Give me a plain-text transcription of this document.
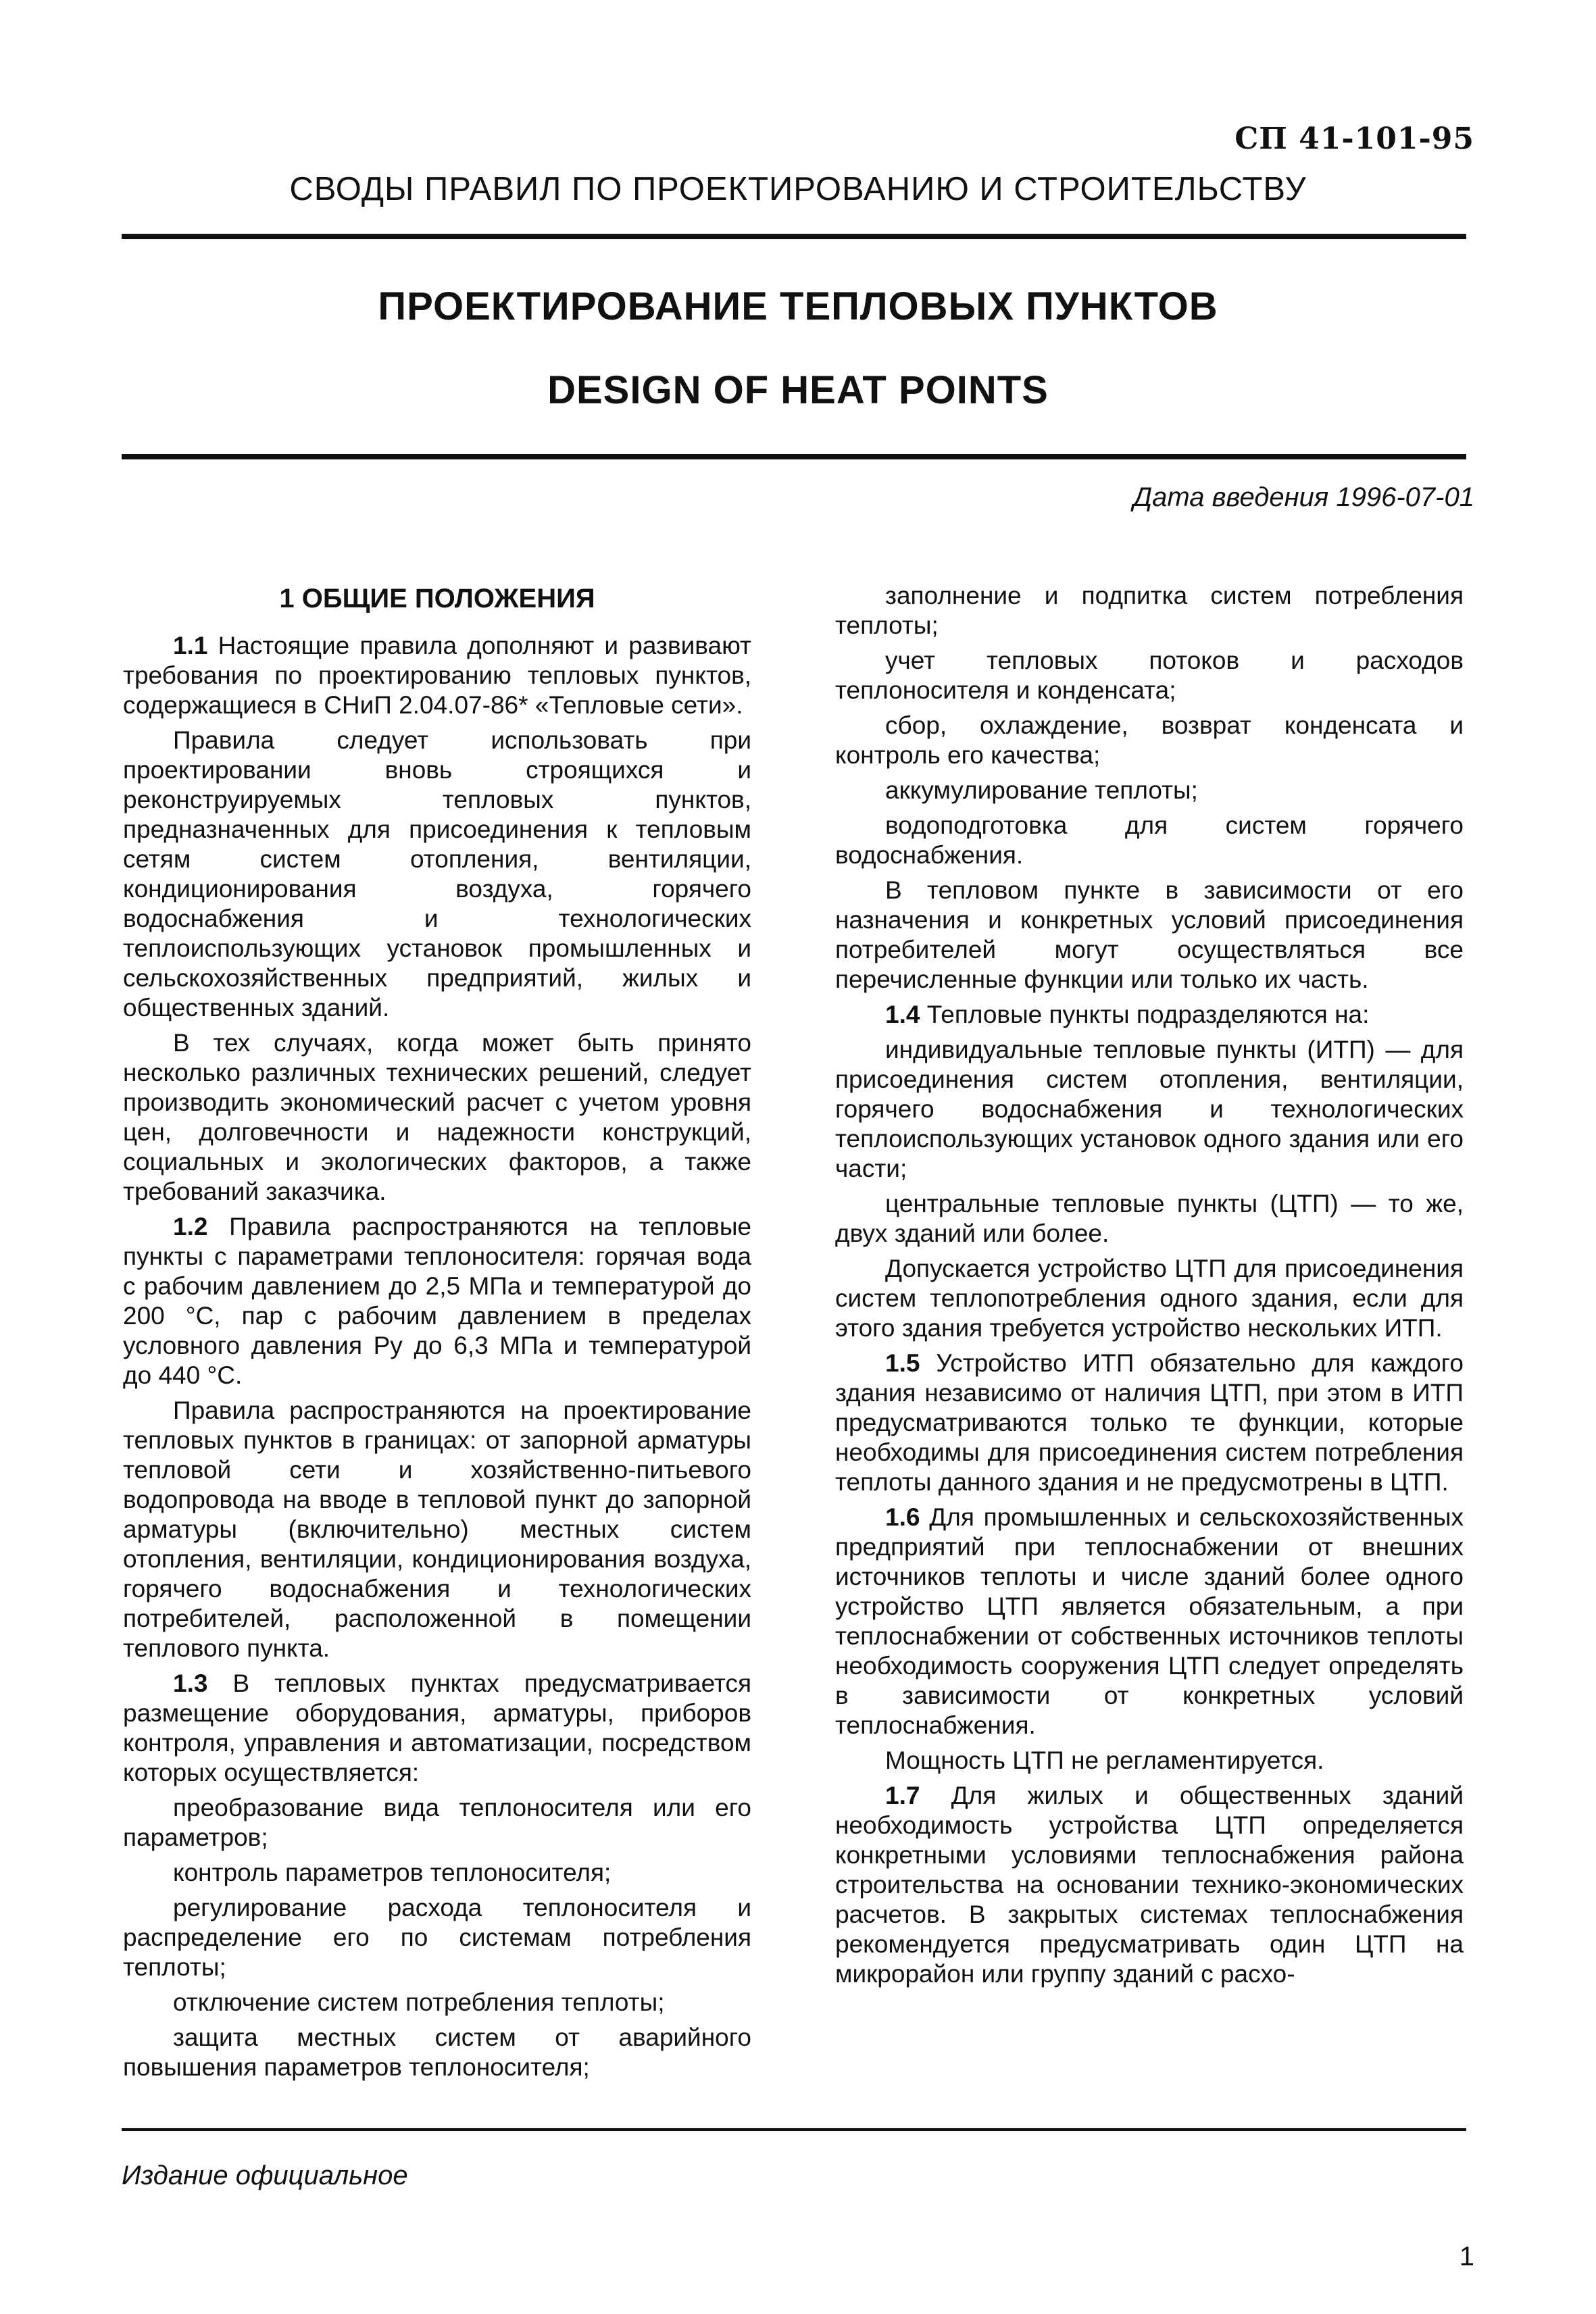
СП 41-101-95
СВОДЫ ПРАВИЛ ПО ПРОЕКТИРОВАНИЮ И СТРОИТЕЛЬСТВУ
ПРОЕКТИРОВАНИЕ ТЕПЛОВЫХ ПУНКТОВ
DESIGN OF HEAT POINTS
Дата введения 1996-07-01
1 ОБЩИЕ ПОЛОЖЕНИЯ

1.1 Настоящие правила дополняют и развивают требования по проектированию тепловых пунктов, содержащиеся в СНиП 2.04.07-86* «Тепловые сети».

Правила следует использовать при проектировании вновь строящихся и реконструируемых тепловых пунктов, предназначенных для присоединения к тепловым сетям систем отопления, вентиляции, кондиционирования воздуха, горячего водоснабжения и технологических теплоиспользующих установок промышленных и сельскохозяйственных предприятий, жилых и общественных зданий.

В тех случаях, когда может быть принято несколько различных технических решений, следует производить экономический расчет с учетом уровня цен, долговечности и надежности конструкций, социальных и экологических факторов, а также требований заказчика.

1.2 Правила распространяются на тепловые пункты с параметрами теплоносителя: горячая вода с рабочим давлением до 2,5 МПа и температурой до 200 °С, пар с рабочим давлением в пределах условного давления Pу до 6,3 МПа и температурой до 440 °С.

Правила распространяются на проектирование тепловых пунктов в границах: от запорной арматуры тепловой сети и хозяйственно-питьевого водопровода на вводе в тепловой пункт до запорной арматуры (включительно) местных систем отопления, вентиляции, кондиционирования воздуха, горячего водоснабжения и технологических потребителей, расположенной в помещении теплового пункта.

1.3 В тепловых пунктах предусматривается размещение оборудования, арматуры, приборов контроля, управления и автоматизации, посредством которых осуществляется:

преобразование вида теплоносителя или его параметров;

контроль параметров теплоносителя;

регулирование расхода теплоносителя и распределение его по системам потребления теплоты;

отключение систем потребления теплоты;

защита местных систем от аварийного повышения параметров теплоносителя;

заполнение и подпитка систем потребления теплоты;

учет тепловых потоков и расходов теплоносителя и конденсата;

сбор, охлаждение, возврат конденсата и контроль его качества;

аккумулирование теплоты;

водоподготовка для систем горячего водоснабжения.

В тепловом пункте в зависимости от его назначения и конкретных условий присоединения потребителей могут осуществляться все перечисленные функции или только их часть.

1.4 Тепловые пункты подразделяются на:

индивидуальные тепловые пункты (ИТП) — для присоединения систем отопления, вентиляции, горячего водоснабжения и технологических теплоиспользующих установок одного здания или его части;

центральные тепловые пункты (ЦТП) — то же, двух зданий или более.

Допускается устройство ЦТП для присоединения систем теплопотребления одного здания, если для этого здания требуется устройство нескольких ИТП.

1.5 Устройство ИТП обязательно для каждого здания независимо от наличия ЦТП, при этом в ИТП предусматриваются только те функции, которые необходимы для присоединения систем потребления теплоты данного здания и не предусмотрены в ЦТП.

1.6 Для промышленных и сельскохозяйственных предприятий при теплоснабжении от внешних источников теплоты и числе зданий более одного устройство ЦТП является обязательным, а при теплоснабжении от собственных источников теплоты необходимость сооружения ЦТП следует определять в зависимости от конкретных условий теплоснабжения.

Мощность ЦТП не регламентируется.

1.7 Для жилых и общественных зданий необходимость устройства ЦТП определяется конкретными условиями теплоснабжения района строительства на основании технико-экономических расчетов. В закрытых системах теплоснабжения рекомендуется предусматривать один ЦТП на микрорайон или группу зданий с расхо-

Издание официальное
1
